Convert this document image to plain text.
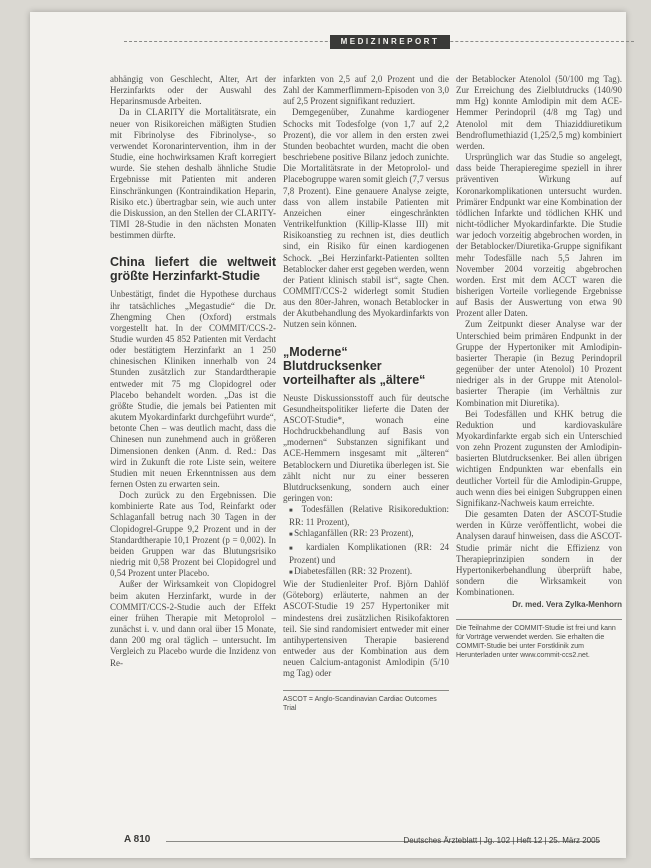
MEDIZINREPORT

abhängig von Geschlecht, Alter, Art der Herzinfarkts oder der Auswahl des Heparinsmusde Arbeiten.

Da in CLARITY die Mortalitätsrate, ein neuer von Risikoreichen mäßigten Studien mit Fibrinolyse des Fibrinolyse-, so verwendet Koronarintervention, ihm in der Studie, eine hochwirksamen Kraft korregiert wurde. Sie stehen deshalb ähnliche Studie Ergebnisse mit Patienten mit anderen Einschränkungen (Kontraindikation Heparin, Risiko etc.) übertragbar sein, wie auch unter die Diskussion, an den Stellen der CLARITY-TIMI 28-Studie in den nächsten Monaten bestimmen dürfte.

China liefert die weltweit größte Herzinfarkt-Studie

Unbestätigt, findet die Hypothese durchaus ihr tatsächliches „Megastudie“ die Dr. Zhengming Chen (Oxford) erstmals vorgestellt hat. In der COMMIT/CCS-2-Studie wurden 45 852 Patienten mit Verdacht oder bestätigtem Herzinfarkt an 1 250 chinesischen Kliniken innerhalb von 24 Stunden zusätzlich zur Standardtherapie entweder mit 75 mg Clopidogrel oder Placebo behandelt worden. „Das ist die größte Studie, die jemals bei Patienten mit akutem Myokardinfarkt durchgeführt wurde“, betonte Chen – was deutlich macht, dass die Chinesen nun zunehmend auch in größeren Dimensionen denken (Anm. d. Red.: Das wird in Zukunft die rote Liste sein, weitere Studien mit neuen Erkenntnissen aus dem fernen Osten zu erwarten sein.

Doch zurück zu den Ergebnissen. Die kombinierte Rate aus Tod, Reinfarkt oder Schlaganfall betrug nach 30 Tagen in der Clopidogrel-Gruppe 9,2 Prozent und in der Standardtherapie 10,1 Prozent (p = 0,002). In beiden Gruppen war das Blutungsrisiko niedrig mit 0,58 Prozent bei Clopidogrel und 0,54 Prozent unter Placebo.

Außer der Wirksamkeit von Clopidogrel beim akuten Herzinfarkt, wurde in der COMMIT/CCS-2-Studie auch der Effekt einer frühen Therapie mit Metoprolol – zunächst i. v. und dann oral über 15 Monate, dann 200 mg oral täglich – untersucht. Im Vergleich zu Placebo wurde die Inzidenz von Re-

infarkten von 2,5 auf 2,0 Prozent und die Zahl der Kammerflimmern-Episoden von 3,0 auf 2,5 Prozent signifikant reduziert.

Demgegenüber, Zunahme kardiogener Schocks mit Todesfolge (von 1,7 auf 2,2 Prozent), die vor allem in den ersten zwei Stunden beobachtet wurden, macht die oben beschriebene positive Bilanz jedoch zunichte. Die Mortalitätsrate in der Metoprolol- und Placebogruppe waren somit gleich (7,7 versus 7,8 Prozent). Eine genauere Analyse zeigte, dass von allem instabile Patienten mit Anzeichen einer eingeschränkten Ventrikelfunktion (Killip-Klasse III) mit Risikoanstieg zu rechnen ist, dies deutlich sind, ein Risiko für einen kardiogenen Schock. „Bei Herzinfarkt-Patienten sollten Betablocker daher erst gegeben werden, wenn der Patient klinisch stabil ist“, sagte Chen. COMMIT/CCS-2 widerlegt somit Studien aus den 80er-Jahren, wonach Betablocker in der Akutbehandlung des Myokardinfarkts von Nutzen sein können.

„Moderne“ Blutdrucksenker vorteilhafter als „ältere“

Neuste Diskussionsstoff auch für deutsche Gesundheitspolitiker lieferte die Daten der ASCOT-Studie*, wonach eine Hochdruckbehandlung auf Basis von „modernen“ Substanzen signifikant und ACE-Hemmern insgesamt mit „älteren“ Betablockern und Diuretika überlegen ist. Sie zählt nicht nur zu einer besseren Blutdrucksenkung, sondern auch einer geringen von:

■ Todesfällen (Relative Risikoreduktion: RR: 11 Prozent),
■ Schlaganfällen (RR: 23 Prozent),
■ kardialen Komplikationen (RR: 24 Prozent) und
■ Diabetesfällen (RR: 32 Prozent).

Wie der Studienleiter Prof. Björn Dahlöf (Göteborg) erläuterte, nahmen an der ASCOT-Studie 19 257 Hypertoniker mit mindestens drei zusätzlichen Risikofaktoren teil. Sie sind randomisiert entweder mit einer antihypertensiven Therapie basierend entweder aus der Kombination aus dem neuen Calcium-antagonist Amlodipin (5/10 mg Tag) oder

ASCOT = Anglo-Scandinavian Cardiac Outcomes Trial

der Betablocker Atenolol (50/100 mg Tag). Zur Erreichung des Zielblutdrucks (140/90 mm Hg) konnte Amlodipin mit dem ACE-Hemmer Perindopril (4/8 mg Tag) und Atenolol mit dem Thiaziddiuretikum Bendroflumethiazid (1,25/2,5 mg) kombiniert werden.

Ursprünglich war das Studie so angelegt, dass beide Therapieregime speziell in ihrer präventiven Wirkung auf Koronarkomplikationen untersucht wurden. Primärer Endpunkt war eine Kombination der tödlichen Infarkte und tödlichen KHK und nicht-tödlicher Myokardinfarkte. Die Studie war jedoch vorzeitig abgebrochen worden, in der Betablocker/Diuretika-Gruppe signifikant mehr Todesfälle nach 5,5 Jahren im November 2004 vorzeitig abgebrochen worden. Erst mit dem ACCT waren die bisherigen Vorteile vorliegende Ergebnisse auf Basis der Auswertung von etwa 90 Prozent aller Daten.

Zum Zeitpunkt dieser Analyse war der Unterschied beim primären Endpunkt in der Gruppe der Hypertoniker mit Amlodipin-basierter Therapie (in Bezug Perindopril gegenüber der unter Atenolol) 10 Prozent niedriger als in der Gruppe mit Atenolol-basierter Therapie (im Verhältnis zur Kombination mit Diuretika).

Bei Todesfällen und KHK betrug die Reduktion und kardiovaskuläre Myokardinfarkte ergab sich ein Unterschied von zehn Prozent zugunsten der Amlodipin-basierten Blutdrucksenker. Bei allen übrigen wichtigen Endpunkten war ebenfalls ein deutlicher Vorteil für die Amlodipin-Gruppe, auch wenn dies bei einigen Subgruppen einen Signifikanz-Nachweis kaum erreichte.

Die gesamten Daten der ASCOT-Studie werden in Kürze veröffentlicht, wobei die Analysen darauf hinweisen, dass die ASCOT-Studie primär nicht die Effizienz von Therapieprinzipien sondern in der Hypertonikerbehandlung überprüft habe, sondern die Wirksamkeit von Kombinationen.

Dr. med. Vera Zylka-Menhorn
Die Teilnahme der COMMIT-Studie ist frei und kann für Vorträge verwendet werden. Sie erhalten die COMMIT-Studie bei unter Forstklinik zum Herunterladen unter www.commit-ccs2.net.
A 810	Deutsches Ärzteblatt | Jg. 102 | Heft 12 | 25. März 2005
